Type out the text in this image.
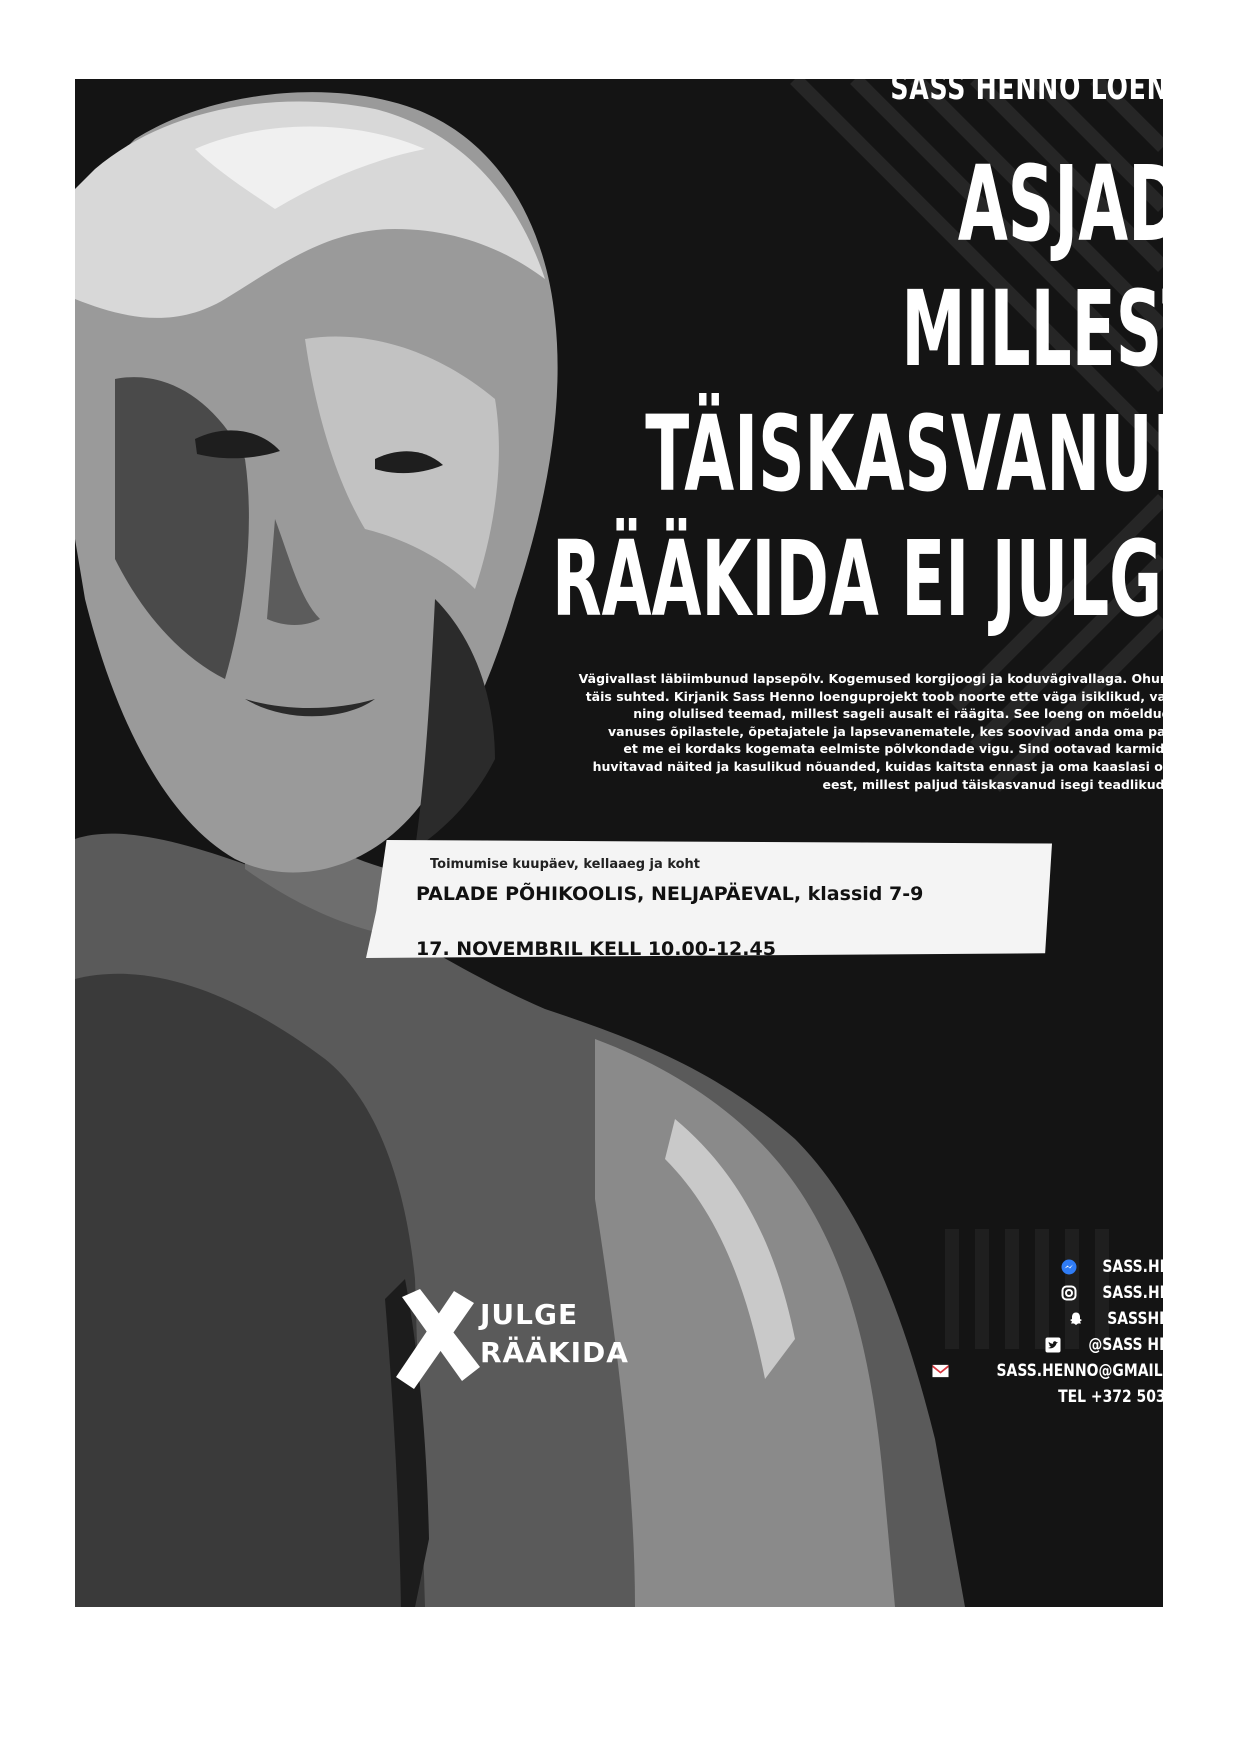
SASS HENNO LOENG
ASJAD,
MILLEST
TÄISKASVANUD
RÄÄKIDA EI JULGE
Vägivallast läbiimbunud lapsepõlv. Kogemused korgijoogi ja koduvägivallaga. Ohumärke
täis suhted. Kirjanik Sass Henno loenguprojekt toob noorte ette väga isiklikud, valusad
ning olulised teemad, millest sageli ausalt ei räägita. See loeng on mõeldud igas
vanuses õpilastele, õpetajatele ja lapsevanematele, kes soovivad anda oma panuse,
et me ei kordaks kogemata eelmiste põlvkondade vigu. Sind ootavad karmid lood,
huvitavad näited ja kasulikud nõuanded, kuidas kaitsta ennast ja oma kaaslasi ohtude
eest, millest paljud täiskasvanud isegi teadlikud pole.
Toimumise kuupäev, kellaaeg ja koht
PALADE PÕHIKOOLIS, NELJAPÄEVAL, klassid 7-9
17. NOVEMBRIL KELL 10.00-12.45
JULGE
RÄÄKIDA
SASS.HENNO
SASS.HENNO
SASSHENNO
@SASS HENNO
SASS.HENNO@GMAIL.COM
TEL +372 5036037
